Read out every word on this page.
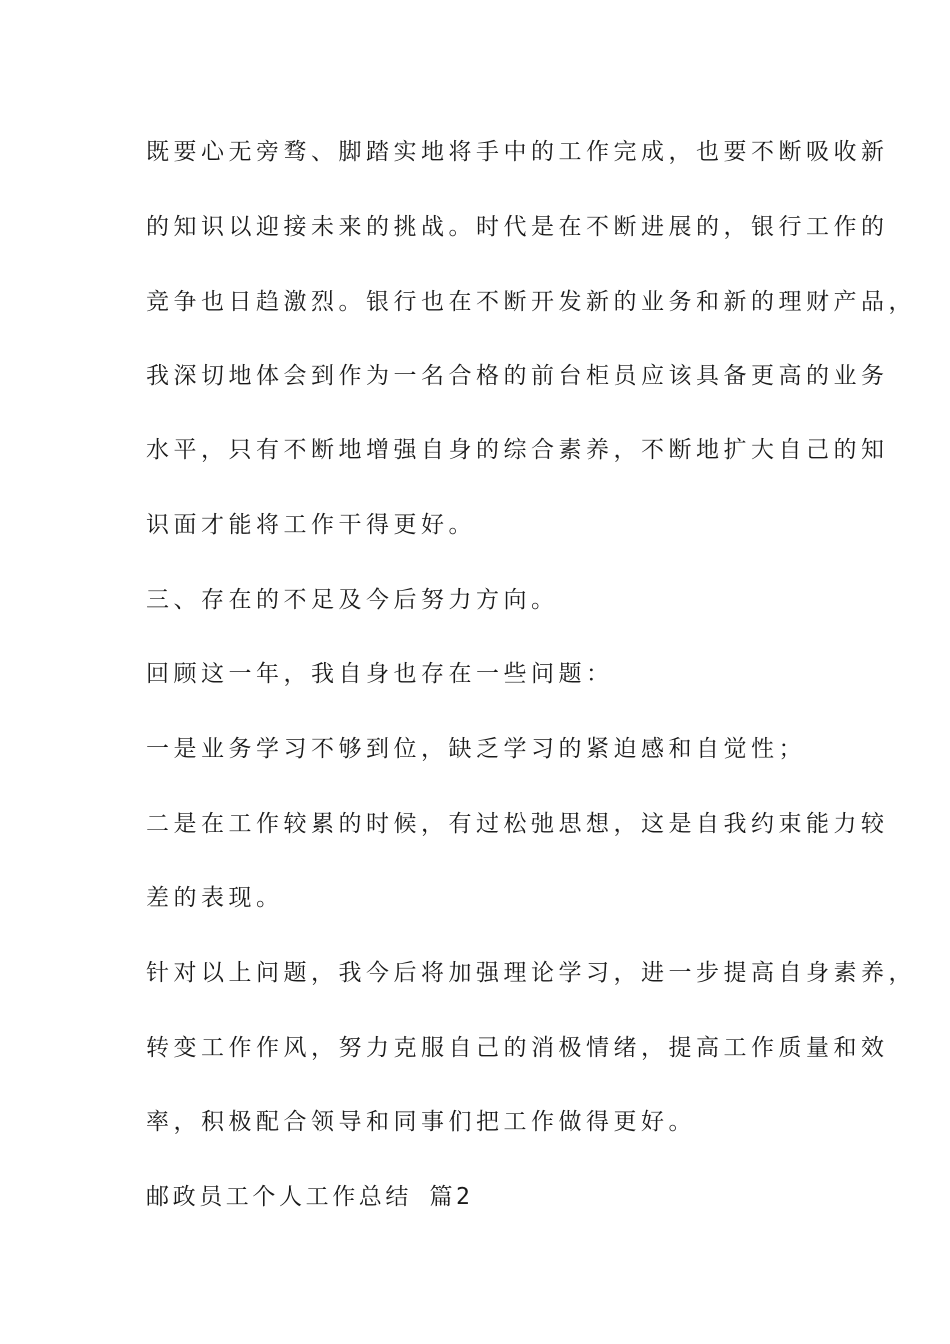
既要心无旁骛、脚踏实地将手中的工作完成，也要不断吸收新
的知识以迎接未来的挑战。时代是在不断进展的，银行工作的
竞争也日趋激烈。银行也在不断开发新的业务和新的理财产品，
我深切地体会到作为一名合格的前台柜员应该具备更高的业务
水平，只有不断地增强自身的综合素养，不断地扩大自己的知
识面才能将工作干得更好。
三、存在的不足及今后努力方向。
回顾这一年，我自身也存在一些问题：
一是业务学习不够到位，缺乏学习的紧迫感和自觉性；
二是在工作较累的时候，有过松弛思想，这是自我约束能力较
差的表现。
针对以上问题，我今后将加强理论学习，进一步提高自身素养，
转变工作作风，努力克服自己的消极情绪，提高工作质量和效
率，积极配合领导和同事们把工作做得更好。
邮政员工个人工作总结 篇2
